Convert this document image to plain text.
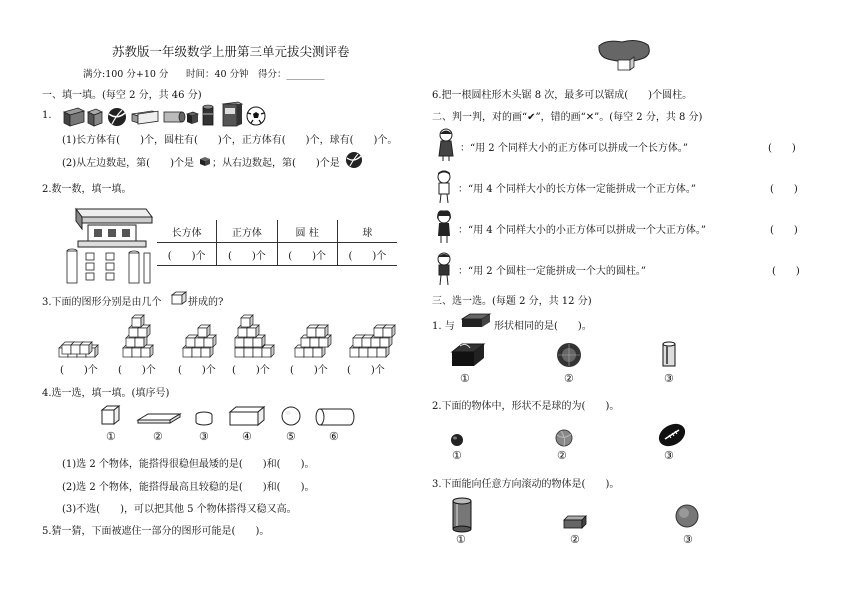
苏教版一年级数学上册第三单元拔尖测评卷
满分:100 分+10 分 时间：40 分钟 得分：________
一、填一填。(每空 2 分，共 46 分)
1.
(1)长方体有(　　)个，圆柱有(　　)个，正方体有(　　)个，球有(　　)个。
(2)从左边数起，第(　　)个是 ；从右边数起，第(　　)个是
2.数一数，填一填。
长方体	正方体	圆 柱	球
(　　)个	(　　)个	(　　)个	(　　)个
3.下面的图形分别是由几个	拼成的?
(　　)个 (　　)个 (　　)个 (　　)个 (　　)个 (　　)个
4.选一选，填一填。(填序号)
①	②	③	④	⑤	⑥
(1)选 2 个物体，能搭得很稳但最矮的是(　　)和(　　)。
(2)选 2 个物体，能搭得最高且较稳的是(　　)和(　　)。
(3)不选(　　)，可以把其他 5 个物体搭得又稳又高。
5.猜一猜，下面被遮住一部分的图形可能是(　　)。
6.把一根圆柱形木头锯 8 次，最多可以锯成(　　)个圆柱。
二、判一判，对的画“✔”，错的画“✕”。(每空 2 分，共 8 分)
：“用 2 个同样大小的正方体可以拼成一个长方体。”	(　　)
：“用 4 个同样大小的长方体一定能拼成一个正方体。”	(　　)
：“用 4 个同样大小的小正方体可以拼成一个大正方体。”	(　　)
：“用 2 个圆柱一定能拼成一个大的圆柱。”	(　　)
三、选一选。(每题 2 分，共 12 分)
1. 与	形状相同的是(　　)。
①	②	③
2.下面的物体中，形状不是球的为(　　)。
①	②	③
3.下面能向任意方向滚动的物体是(　　)。
①	②	③
